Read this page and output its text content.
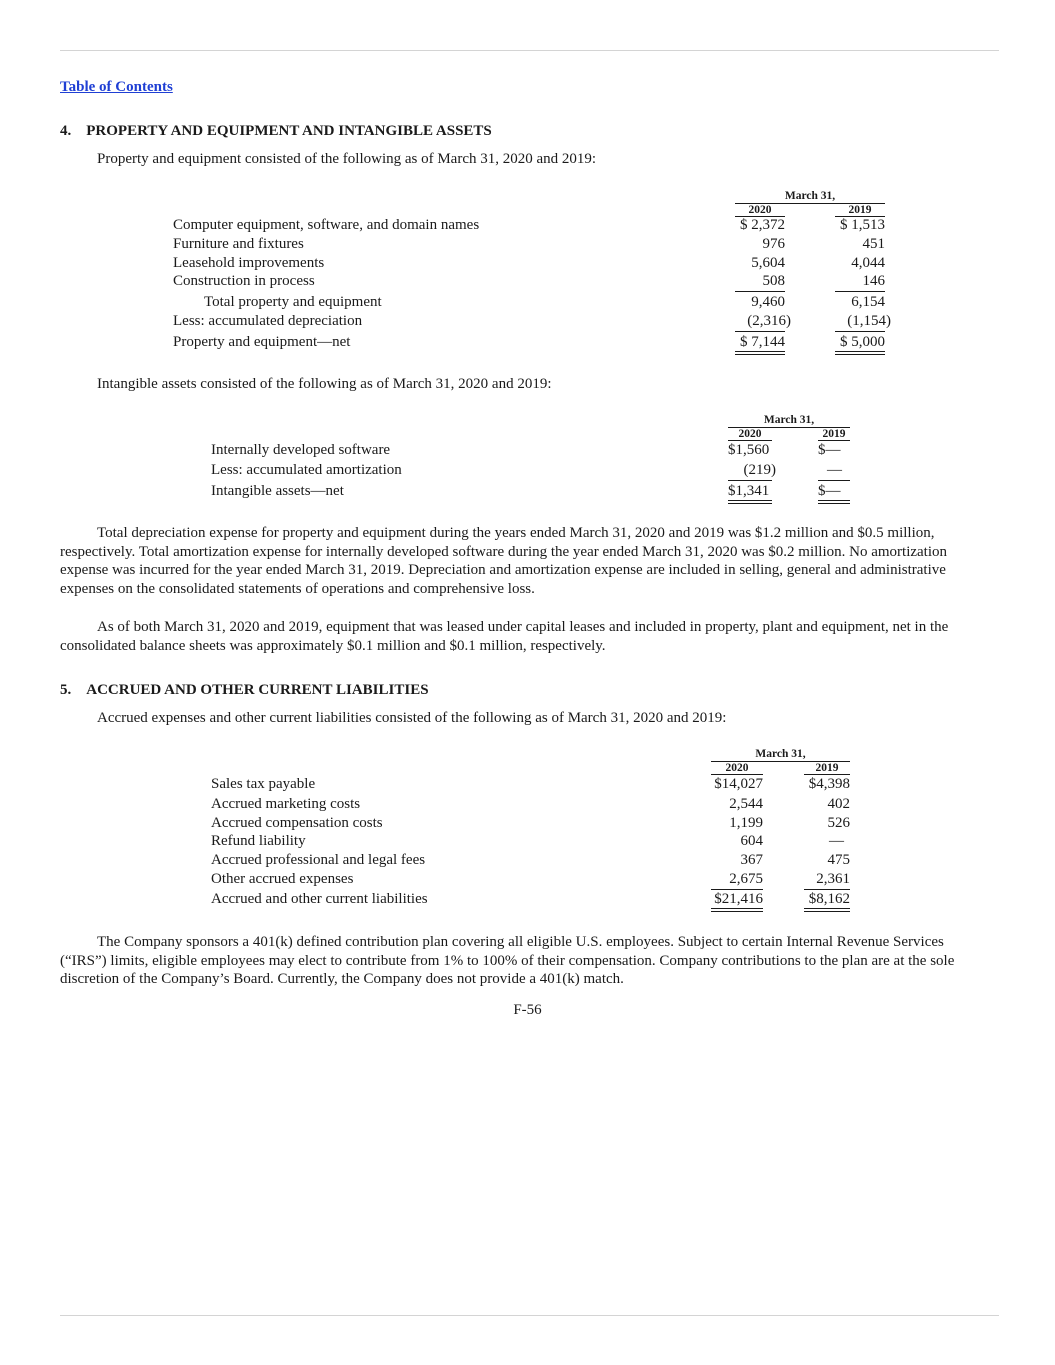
Table of Contents
4. PROPERTY AND EQUIPMENT AND INTANGIBLE ASSETS
Property and equipment consisted of the following as of March 31, 2020 and 2019:
March 31,
2020	2019
Computer equipment, software, and domain names	$ 2,372	$ 1,513
Furniture and fixtures	976	451
Leasehold improvements	5,604	4,044
Construction in process	508	146
Total property and equipment	9,460	6,154
Less: accumulated depreciation	(2,316)	(1,154)
Property and equipment—net	$ 7,144	$ 5,000
Intangible assets consisted of the following as of March 31, 2020 and 2019:
March 31,
2020	2019
Internally developed software	$1,560	$—
Less: accumulated amortization	(219)	—
Intangible assets—net	$1,341	$—

Total depreciation expense for property and equipment during the years ended March 31, 2020 and 2019 was $1.2 million and $0.5 million, respectively. Total amortization expense for internally developed software during the year ended March 31, 2020 was $0.2 million. No amortization expense was incurred for the year ended March 31, 2019. Depreciation and amortization expense are included in selling, general and administrative expenses on the consolidated statements of operations and comprehensive loss.

As of both March 31, 2020 and 2019, equipment that was leased under capital leases and included in property, plant and equipment, net in the consolidated balance sheets was approximately $0.1 million and $0.1 million, respectively.

5. ACCRUED AND OTHER CURRENT LIABILITIES
Accrued expenses and other current liabilities consisted of the following as of March 31, 2020 and 2019:
March 31,
2020	2019
Sales tax payable	$14,027	$4,398
Accrued marketing costs	2,544	402
Accrued compensation costs	1,199	526
Refund liability	604	—
Accrued professional and legal fees	367	475
Other accrued expenses	2,675	2,361
Accrued and other current liabilities	$21,416	$8,162

The Company sponsors a 401(k) defined contribution plan covering all eligible U.S. employees. Subject to certain Internal Revenue Services (“IRS”) limits, eligible employees may elect to contribute from 1% to 100% of their compensation. Company contributions to the plan are at the sole discretion of the Company’s Board. Currently, the Company does not provide a 401(k) match.

F-56
